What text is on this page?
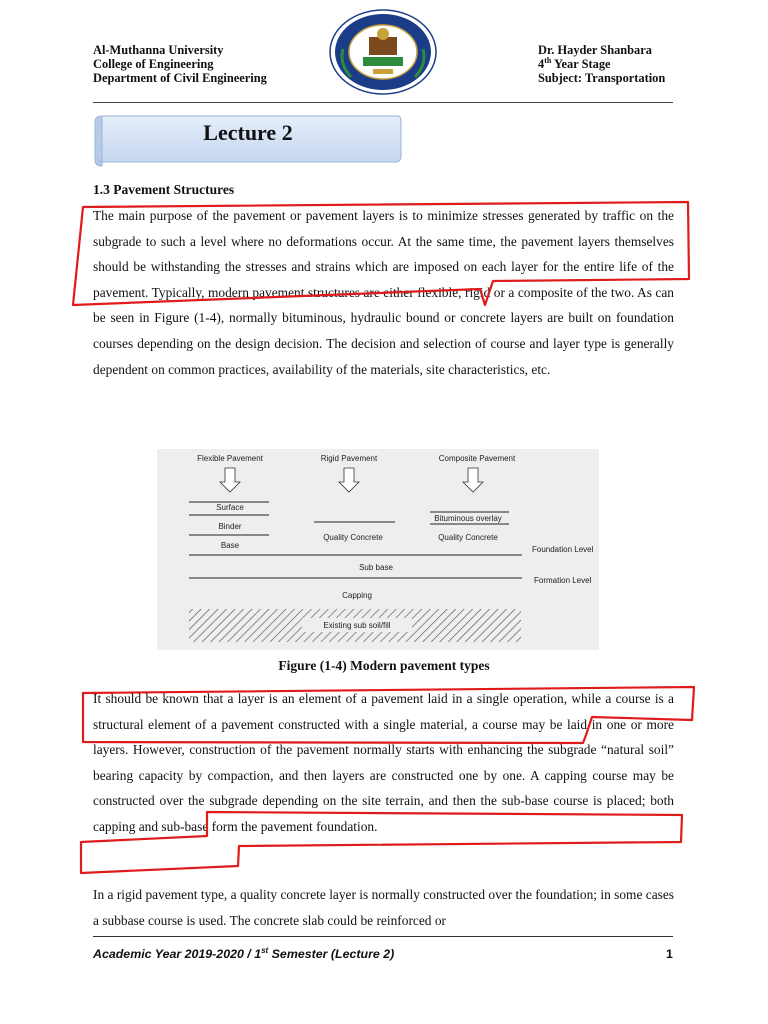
Al-Muthanna University
College of Engineering
Department of Civil Engineering
Dr. Hayder Shanbara
4th Year Stage
Subject: Transportation
Lecture 2
1.3 Pavement Structures

The main purpose of the pavement or pavement layers is to minimize stresses generated by traffic on the subgrade to such a level where no deformations occur. At the same time, the pavement layers themselves should be withstanding the stresses and strains which are imposed on each layer for the entire life of the pavement. Typically, modern pavement structures are either flexible, rigid or a composite of the two. As can be seen in Figure (1-4), normally bituminous, hydraulic bound or concrete layers are built on foundation courses depending on the design decision. The decision and selection of course and layer type is generally dependent on common practices, availability of the materials, site characteristics, etc.

Flexible Pavement	Rigid Pavement	Composite Pavement
Surface
Binder
Base
Quality Concrete
Bituminous overlay
Quality Concrete
Foundation Level
Sub base
Formation Level
Capping
Existing sub soil/fill
Figure (1-4) Modern pavement types

It should be known that a layer is an element of a pavement laid in a single operation, while a course is a structural element of a pavement constructed with a single material, a course may be laid in one or more layers. However, construction of the pavement normally starts with enhancing the subgrade “natural soil” bearing capacity by compaction, and then layers are constructed one by one. A capping course may be constructed over the subgrade depending on the site terrain, and then the sub-base course is placed; both capping and sub-base form the pavement foundation.

In a rigid pavement type, a quality concrete layer is normally constructed over the foundation; in some cases a subbase course is used. The concrete slab could be reinforced or

Academic Year 2019-2020 / 1st Semester (Lecture 2)	1
